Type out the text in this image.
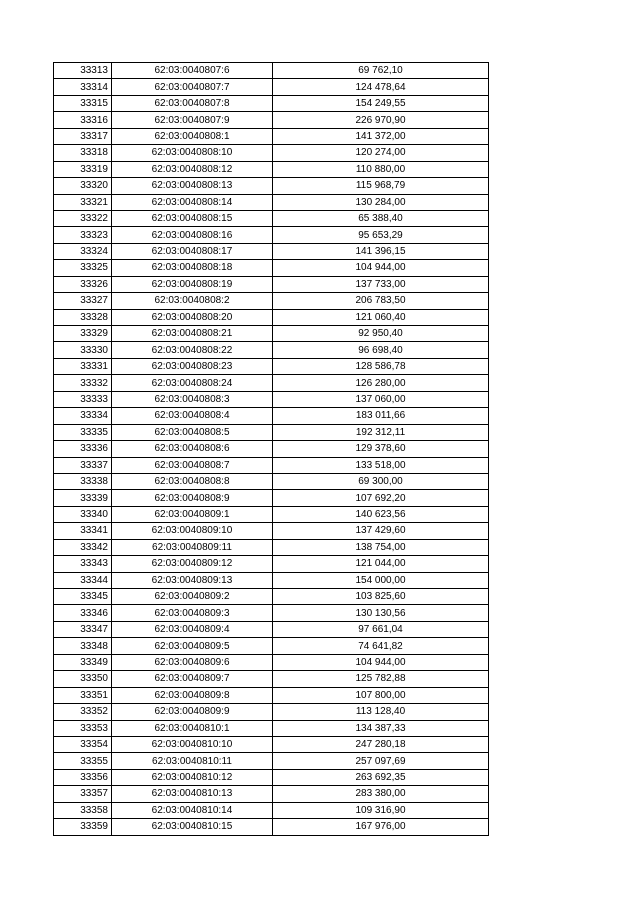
33313	62:03:0040807:6	69 762,10
33314	62:03:0040807:7	124 478,64
33315	62:03:0040807:8	154 249,55
33316	62:03:0040807:9	226 970,90
33317	62:03:0040808:1	141 372,00
33318	62:03:0040808:10	120 274,00
33319	62:03:0040808:12	110 880,00
33320	62:03:0040808:13	115 968,79
33321	62:03:0040808:14	130 284,00
33322	62:03:0040808:15	65 388,40
33323	62:03:0040808:16	95 653,29
33324	62:03:0040808:17	141 396,15
33325	62:03:0040808:18	104 944,00
33326	62:03:0040808:19	137 733,00
33327	62:03:0040808:2	206 783,50
33328	62:03:0040808:20	121 060,40
33329	62:03:0040808:21	92 950,40
33330	62:03:0040808:22	96 698,40
33331	62:03:0040808:23	128 586,78
33332	62:03:0040808:24	126 280,00
33333	62:03:0040808:3	137 060,00
33334	62:03:0040808:4	183 011,66
33335	62:03:0040808:5	192 312,11
33336	62:03:0040808:6	129 378,60
33337	62:03:0040808:7	133 518,00
33338	62:03:0040808:8	69 300,00
33339	62:03:0040808:9	107 692,20
33340	62:03:0040809:1	140 623,56
33341	62:03:0040809:10	137 429,60
33342	62:03:0040809:11	138 754,00
33343	62:03:0040809:12	121 044,00
33344	62:03:0040809:13	154 000,00
33345	62:03:0040809:2	103 825,60
33346	62:03:0040809:3	130 130,56
33347	62:03:0040809:4	97 661,04
33348	62:03:0040809:5	74 641,82
33349	62:03:0040809:6	104 944,00
33350	62:03:0040809:7	125 782,88
33351	62:03:0040809:8	107 800,00
33352	62:03:0040809:9	113 128,40
33353	62:03:0040810:1	134 387,33
33354	62:03:0040810:10	247 280,18
33355	62:03:0040810:11	257 097,69
33356	62:03:0040810:12	263 692,35
33357	62:03:0040810:13	283 380,00
33358	62:03:0040810:14	109 316,90
33359	62:03:0040810:15	167 976,00
